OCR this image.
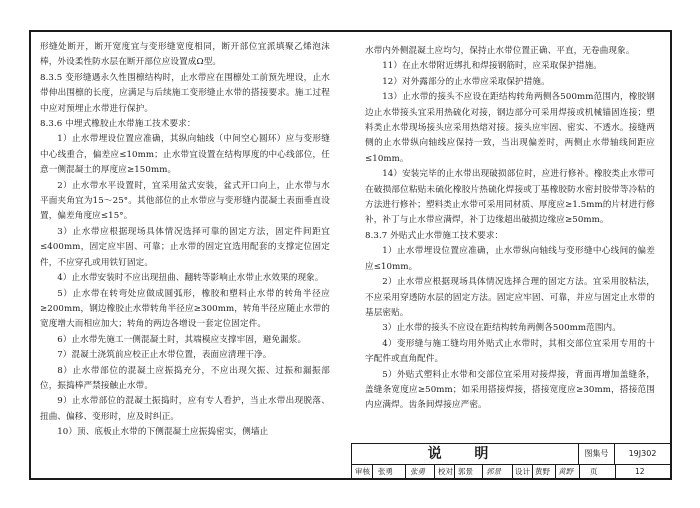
形缝处断开，断开宽度宜与变形缝宽度相同，断开部位宜派填聚乙烯泡沫棒，外设柔性防水层在断开部位应设置成Ω型。

8.3.5 变形缝遇永久性围檩结构时，止水带应在围檩处工前预先埋设，止水带伸出围檩的长度，应满足与后续施工变形缝止水带的搭接要求。施工过程中应对预埋止水带进行保护。

8.3.6 中埋式橡胶止水带施工技术要求：

1）止水带埋设位置应准确，其纵向轴线（中间空心圆环）应与变形缝中心线重合，偏差应≤10mm；止水带宜设置在结构厚度的中心线部位，任意一侧混凝土的厚度应≥150mm。

2）止水带水平设置时，宜采用盆式安装，盆式开口向上，止水带与水平面夹角宜为15～25°。其他部位的止水带应与变形缝内混凝土表面垂直设置，偏差角度应≤15°。

3）止水带应根据现场具体情况选择可靠的固定方法，固定件间距宜≤400mm，固定应牢固、可靠；止水带的固定宜选用配套的支撑定位固定件，不应穿孔或用铁钉固定。

4）止水带安装时不应出现扭曲、翻转等影响止水带止水效果的现象。

5）止水带在转弯处应做成圆弧形，橡胶和塑料止水带的转角半径应≥200mm，钢边橡胶止水带转角半径应≥300mm，转角半径应随止水带的宽度增大而相应加大；转角的两边各增设一套定位固定件。

6）止水带先施工一侧混凝土时，其端模应支撑牢固，避免漏浆。

7）混凝土浇筑前应校正止水带位置，表面应清理干净。

8）止水带部位的混凝土应振捣充分，不应出现欠振、过振和漏振部位，振捣棒严禁接触止水带。

9）止水带部位的混凝土振捣时，应有专人看护，当止水带出现脱落、扭曲、偏移、变形时，应及时纠正。

10）顶、底板止水带的下侧混凝土应振捣密实，侧墙止

水带内外侧混凝土应均匀，保持止水带位置正确、平直，无卷曲现象。

11）在止水带附近绑扎和焊接钢筋时，应采取保护措施。

12）对外露部分的止水带应采取保护措施。

13）止水带的接头不应设在距结构转角两侧各500mm范围内，橡胶钢边止水带接头宜采用热硫化对接，钢边部分可采用焊接或机械锚固连接；塑料类止水带现场接头应采用热熔对接。接头应牢固、密实、不透水。接缝两侧的止水带纵向轴线应保持一致，当出现偏差时，两侧止水带轴线间距应≤10mm。

14）安装完毕的止水带出现破损部位时，应进行修补。橡胶类止水带可在破损部位粘贴未硫化橡胶片热硫化焊接或丁基橡胶防水密封胶带等冷粘的方法进行修补；塑料类止水带可采用同材质、厚度应≥1.5mm的片材进行修补，补丁与止水带应满焊，补丁边缘超出破损边缘应≥50mm。

8.3.7 外贴式止水带施工技术要求：

1）止水带埋设位置应准确，止水带纵向轴线与变形缝中心线间的偏差应≤10mm。

2）止水带应根据现场具体情况选择合理的固定方法。宜采用胶粘法，不应采用穿透防水层的固定方法。固定应牢固、可靠，并应与固定止水带的基层密贴。

3）止水带的接头不应设在距结构转角两侧各500mm范围内。

4）变形缝与施工缝均用外贴式止水带时，其相交部位宜采用专用的十字配件或直角配件。

5）外贴式塑料止水带和交部位宜采用对接焊接，背面再增加盖缝条，盖缝条宽度应≥50mm；如采用搭接焊接，搭接宽度应≥30mm，搭接范围内应满焊。齿条间焊接应严密。

说 明	图集号	19J302
审核 张勇 张勇 校对 郭景 郭景 设计 黄野 黄野 页	12
